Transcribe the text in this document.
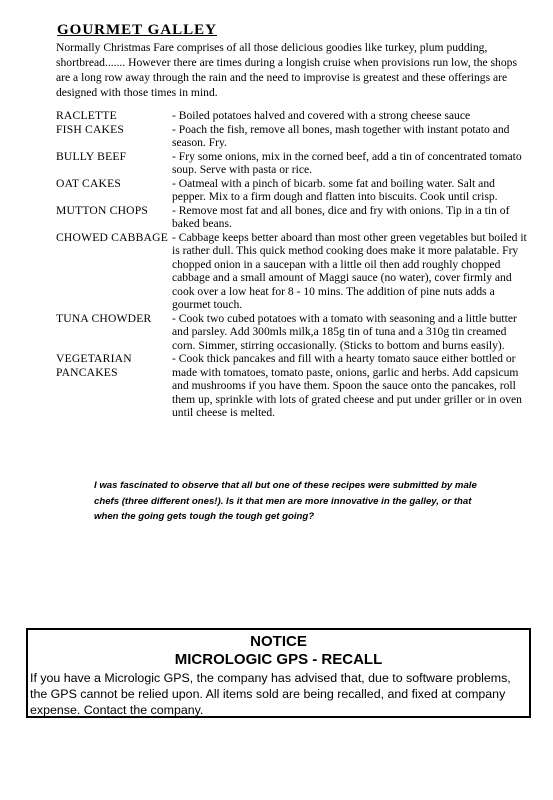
GOURMET GALLEY

Normally Christmas Fare comprises of all those delicious goodies like turkey, plum pudding, shortbread....... However there are times during a longish cruise when provisions run low, the shops are a long row away through the rain and the need to improvise is greatest and these offerings are designed with those times in mind.

RACLETTE	- Boiled potatoes halved and covered with a strong cheese sauce
FISH CAKES	- Poach the fish, remove all bones, mash together with instant potato and season. Fry.
BULLY BEEF	- Fry some onions, mix in the corned beef, add a tin of concentrated tomato soup. Serve with pasta or rice.
OAT CAKES	- Oatmeal with a pinch of bicarb. some fat and boiling water. Salt and pepper. Mix to a firm dough and flatten into biscuits. Cook until crisp.
MUTTON CHOPS	- Remove most fat and all bones, dice and fry with onions. Tip in a tin of baked beans.
CHOWED CABBAGE - Cabbage keeps better aboard than most other green vegetables but boiled it is rather dull. This quick method cooking does make it more palatable. Fry chopped onion in a saucepan with a little oil then add roughly chopped cabbage and a small amount of Maggi sauce (no water), cover firmly and cook over a low heat for 8 - 10 mins. The addition of pine nuts adds a gourmet touch.
TUNA CHOWDER	- Cook two cubed potatoes with a tomato with seasoning and a little butter and parsley. Add 300mls milk,a 185g tin of tuna and a 310g tin creamed corn. Simmer, stirring occasionally. (Sticks to bottom and burns easily).
VEGETARIAN PANCAKES
- Cook thick pancakes and fill with a hearty tomato sauce either bottled or made with tomatoes, tomato paste, onions, garlic and herbs. Add capsicum and mushrooms if you have them. Spoon the sauce onto the pancakes, roll them up, sprinkle with lots of grated cheese and put under griller or in oven until cheese is melted.

I was fascinated to observe that all but one of these recipes were submitted by male chefs (three different ones!). Is it that men are more innovative in the galley, or that when the going gets tough the tough get going?

NOTICE
MICROLOGIC GPS - RECALL
If you have a Micrologic GPS, the company has advised that, due to software problems, the GPS cannot be relied upon. All items sold are being recalled, and fixed at company expense. Contact the company.
